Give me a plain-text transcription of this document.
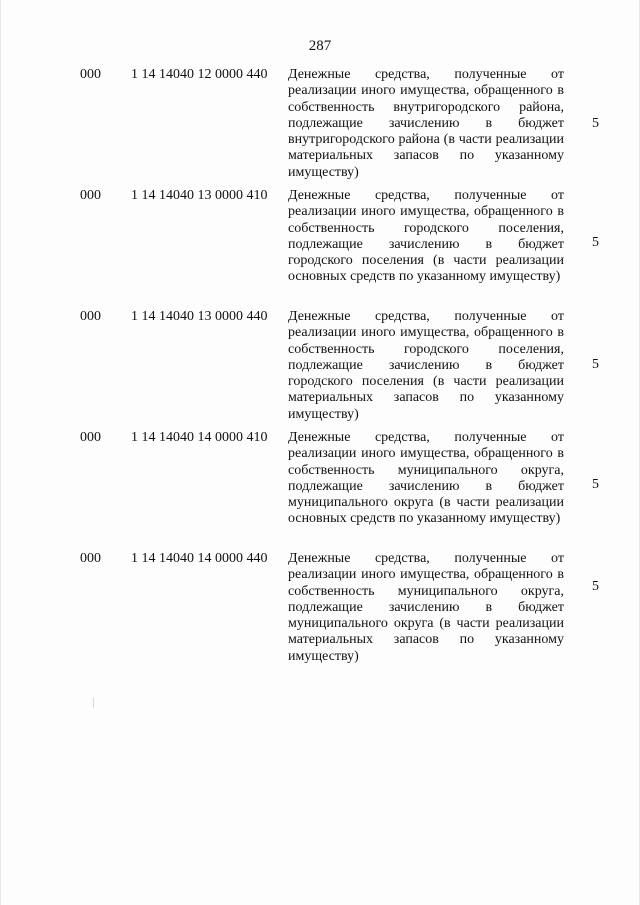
287
000 1 14 14040 12 0000 440 Денежные средства, полученные от реализации иного имущества, обращенного в собственность внутригородского района, подлежащие зачислению в бюджет внутригородского района (в части реализации материальных запасов по указанному имуществу)
5
000 1 14 14040 13 0000 410 Денежные средства, полученные от реализации иного имущества, обращенного в собственность городского поселения, подлежащие зачислению в бюджет городского поселения (в части реализации основных средств по указанному имуществу)
5
000 1 14 14040 13 0000 440 Денежные средства, полученные от реализации иного имущества, обращенного в собственность городского поселения, подлежащие зачислению в бюджет городского поселения (в части реализации материальных запасов по указанному имуществу)
5
000 1 14 14040 14 0000 410 Денежные средства, полученные от реализации иного имущества, обращенного в собственность муниципального округа, подлежащие зачислению в бюджет муниципального округа (в части реализации основных средств по указанному имуществу)
5
000 1 14 14040 14 0000 440 Денежные средства, полученные от реализации иного имущества, обращенного в собственность муниципального округа, подлежащие зачислению в бюджет муниципального округа (в части реализации материальных запасов по указанному имуществу)
5
